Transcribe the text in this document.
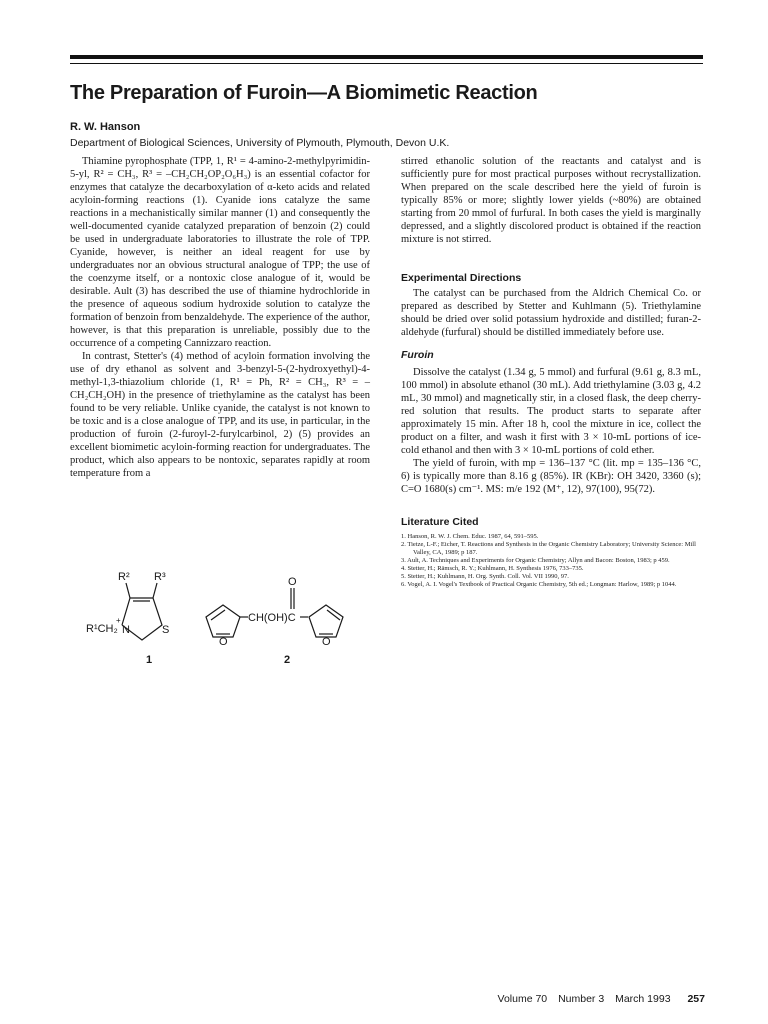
The Preparation of Furoin—A Biomimetic Reaction
R. W. Hanson
Department of Biological Sciences, University of Plymouth, Plymouth, Devon U.K.

Thiamine pyrophosphate (TPP, 1, R¹ = 4-amino-2-methylpyrimidin-5-yl, R² = CH₃, R³ = –CH₂CH₂OP₂O₆H₃) is an essential cofactor for enzymes that catalyze the decarboxylation of α-keto acids and related acyloin-forming reactions (1). Cyanide ions catalyze the same reactions in a mechanistically similar manner (1) and consequently the well-documented cyanide catalyzed preparation of benzoin (2) could be used in undergraduate laboratories to illustrate the role of TPP. Cyanide, however, is neither an ideal reagent for use by undergraduates nor an obvious structural analogue of TPP; the use of the coenzyme itself, or a nontoxic close analogue of it, would be desirable. Ault (3) has described the use of thiamine hydrochloride in the presence of aqueous sodium hydroxide solution to catalyze the formation of benzoin from benzaldehyde. The experience of the author, however, is that this preparation is unreliable, possibly due to the occurrence of a competing Cannizzaro reaction.

In contrast, Stetter's (4) method of acyloin formation involving the use of dry ethanol as solvent and 3-benzyl-5-(2-hydroxyethyl)-4-methyl-1,3-thiazolium chloride (1, R¹ = Ph, R² = CH₃, R³ = –CH₂CH₂OH) in the presence of triethylamine as the catalyst has been found to be very reliable. Unlike cyanide, the catalyst is not known to be toxic and is a close analogue of TPP, and its use, in particular, in the production of furoin (2-furoyl-2-furylcarbinol, 2) (5) provides an excellent biomimetic acyloin-forming reaction for undergraduates. The product, which also appears to be nontoxic, separates rapidly at room temperature from a

R² R³
R¹CH₂
+
N	S
1
CH(OH)C
O
O	O
2

stirred ethanolic solution of the reactants and catalyst and is sufficiently pure for most practical purposes without recrystallization. When prepared on the scale described here the yield of furoin is typically 85% or more; slightly lower yields (~80%) are obtained starting from 20 mmol of furfural. In both cases the yield is marginally depressed, and a slightly discolored product is obtained if the reaction mixture is not stirred.

Experimental Directions

The catalyst can be purchased from the Aldrich Chemical Co. or prepared as described by Stetter and Kuhlmann (5). Triethylamine should be dried over solid potassium hydroxide and distilled; furan-2-aldehyde (furfural) should be distilled immediately before use.

Furoin

Dissolve the catalyst (1.34 g, 5 mmol) and furfural (9.61 g, 8.3 mL, 100 mmol) in absolute ethanol (30 mL). Add triethylamine (3.03 g, 4.2 mL, 30 mmol) and magnetically stir, in a closed flask, the deep cherry-red solution that results. The product starts to separate after approximately 15 min. After 18 h, cool the mixture in ice, collect the product on a filter, and wash it first with 3 × 10-mL portions of ice-cold ethanol and then with 3 × 10-mL portions of cold ether.

The yield of furoin, with mp = 136–137 °C (lit. mp = 135–136 °C, 6) is typically more than 8.16 g (85%). IR (KBr): OH 3420, 3360 (s); C=O 1680(s) cm⁻¹. MS: m/e 192 (M⁺, 12), 97(100), 95(72).

Literature Cited
1. Hanson, R. W. J. Chem. Educ. 1987, 64, 591–595.
2. Tietze, L-F.; Eicher, T. Reactions and Synthesis in the Organic Chemistry Laboratory; University Science: Mill Valley, CA, 1989; p 187.
3. Ault, A. Techniques and Experiments for Organic Chemistry; Allyn and Bacon: Boston, 1983; p 459.
4. Stetter, H.; Rämsch, R. Y.; Kuhlmann, H. Synthesis 1976, 733–735.
5. Stetter, H.; Kuhlmann, H. Org. Synth. Coll. Vol. VII 1990, 97.
6. Vogel, A. I. Vogel's Textbook of Practical Organic Chemistry, 5th ed.; Longman: Harlow, 1989; p 1044.
Volume 70 Number 3 March 1993 257
